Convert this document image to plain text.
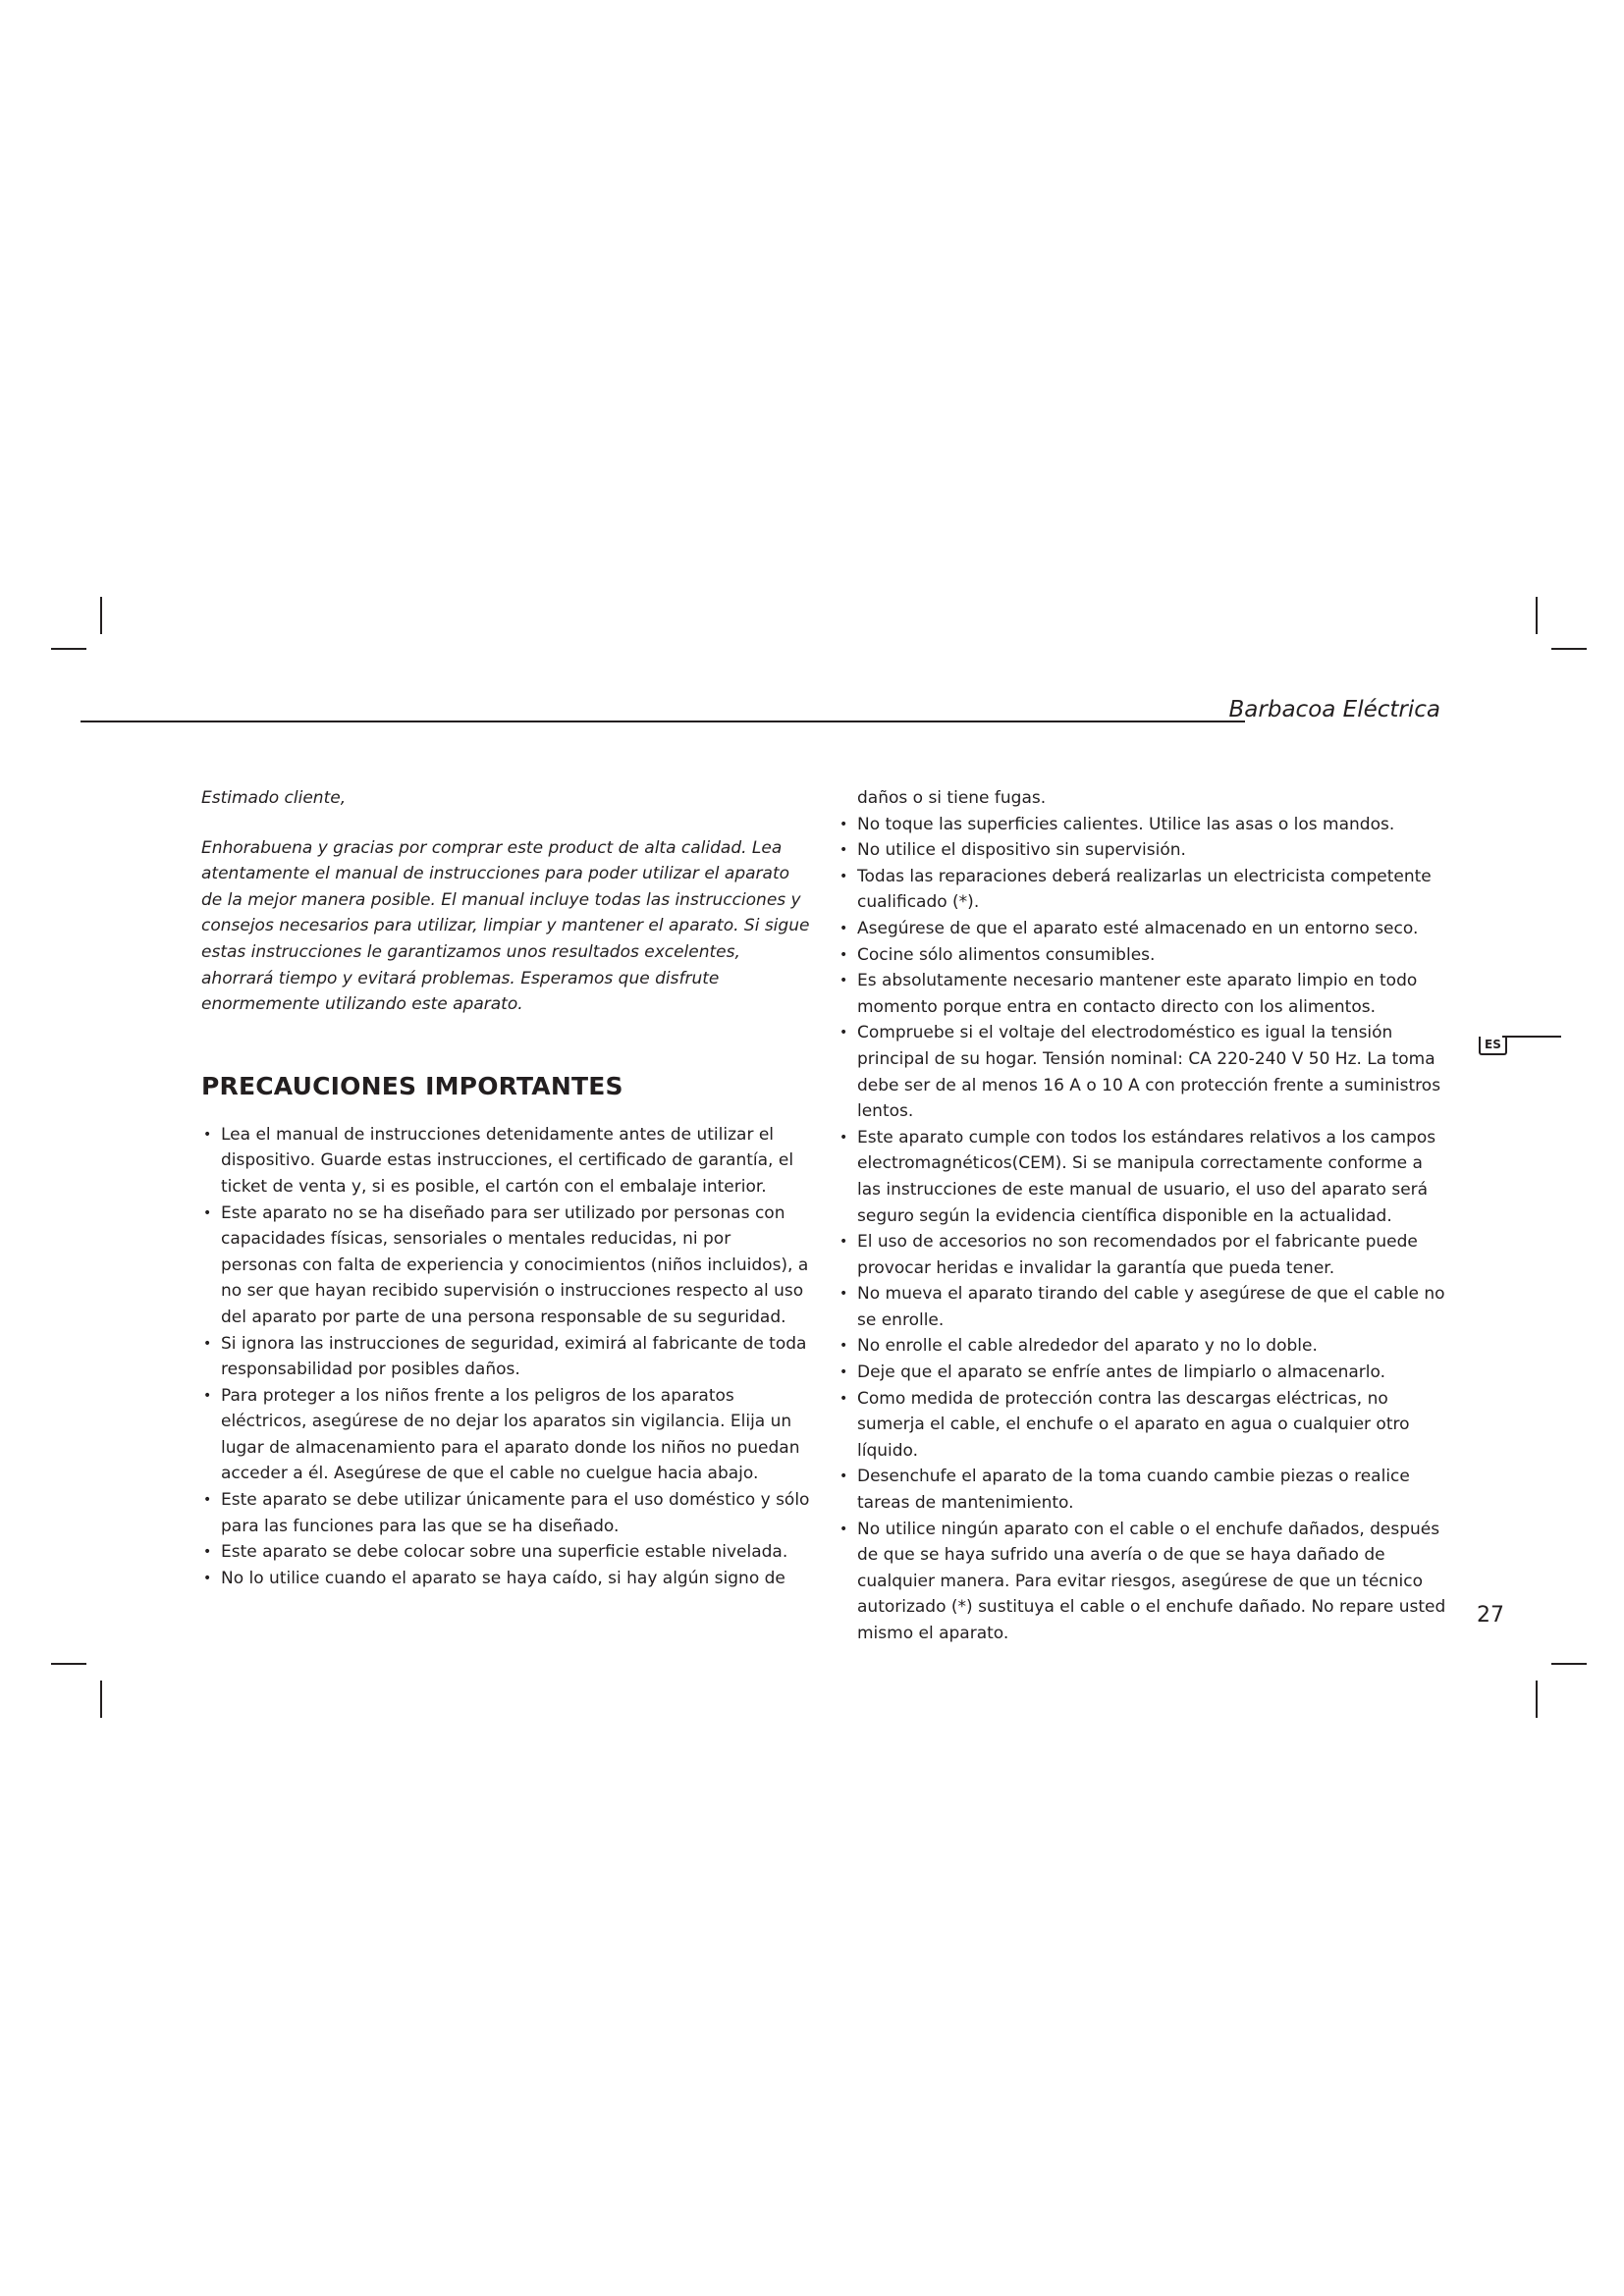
Barbacoa Eléctrica
ES

Estimado cliente,

Enhorabuena y gracias por comprar este product de alta calidad. Lea atentamente el manual de instrucciones para poder utilizar el aparato de la mejor manera posible. El manual incluye todas las instrucciones y consejos necesarios para utilizar, limpiar y mantener el aparato. Si sigue estas instrucciones le garantizamos unos resultados excelentes, ahorrará tiempo y evitará problemas. Esperamos que disfrute enormemente utilizando este aparato.

PRECAUCIONES IMPORTANTES
• Lea el manual de instrucciones detenidamente antes de utilizar el dispositivo. Guarde estas instrucciones, el certificado de garantía, el ticket de venta y, si es posible, el cartón con el embalaje interior.
• Este aparato no se ha diseñado para ser utilizado por personas con capacidades físicas, sensoriales o mentales reducidas, ni por personas con falta de experiencia y conocimientos (niños incluidos), a no ser que hayan recibido supervisión o instrucciones respecto al uso del aparato por parte de una persona responsable de su seguridad.
• Si ignora las instrucciones de seguridad, eximirá al fabricante de toda responsabilidad por posibles daños.
• Para proteger a los niños frente a los peligros de los aparatos eléctricos, asegúrese de no dejar los aparatos sin vigilancia. Elija un lugar de almacenamiento para el aparato donde los niños no puedan acceder a él. Asegúrese de que el cable no cuelgue hacia abajo.
• Este aparato se debe utilizar únicamente para el uso doméstico y sólo para las funciones para las que se ha diseñado.
• Este aparato se debe colocar sobre una superficie estable nivelada.
• No lo utilice cuando el aparato se haya caído, si hay algún signo de
daños o si tiene fugas.
• No toque las superficies calientes. Utilice las asas o los mandos.
• No utilice el dispositivo sin supervisión.
• Todas las reparaciones deberá realizarlas un electricista competente cualificado (*).
• Asegúrese de que el aparato esté almacenado en un entorno seco.
• Cocine sólo alimentos consumibles.
• Es absolutamente necesario mantener este aparato limpio en todo momento porque entra en contacto directo con los alimentos.
• Compruebe si el voltaje del electrodoméstico es igual la tensión principal de su hogar. Tensión nominal: CA 220-240 V 50 Hz. La toma debe ser de al menos 16 A o 10 A con protección frente a suministros lentos.
• Este aparato cumple con todos los estándares relativos a los campos electromagnéticos(CEM). Si se manipula correctamente conforme a las instrucciones de este manual de usuario, el uso del aparato será seguro según la evidencia científica disponible en la actualidad.
• El uso de accesorios no son recomendados por el fabricante puede provocar heridas e invalidar la garantía que pueda tener.
• No mueva el aparato tirando del cable y asegúrese de que el cable no se enrolle.
• No enrolle el cable alrededor del aparato y no lo doble.
• Deje que el aparato se enfríe antes de limpiarlo o almacenarlo.
• Como medida de protección contra las descargas eléctricas, no sumerja el cable, el enchufe o el aparato en agua o cualquier otro líquido.
• Desenchufe el aparato de la toma cuando cambie piezas o realice tareas de mantenimiento.
• No utilice ningún aparato con el cable o el enchufe dañados, después de que se haya sufrido una avería o de que se haya dañado de cualquier manera. Para evitar riesgos, asegúrese de que un técnico autorizado (*) sustituya el cable o el enchufe dañado. No repare usted mismo el aparato.
27
